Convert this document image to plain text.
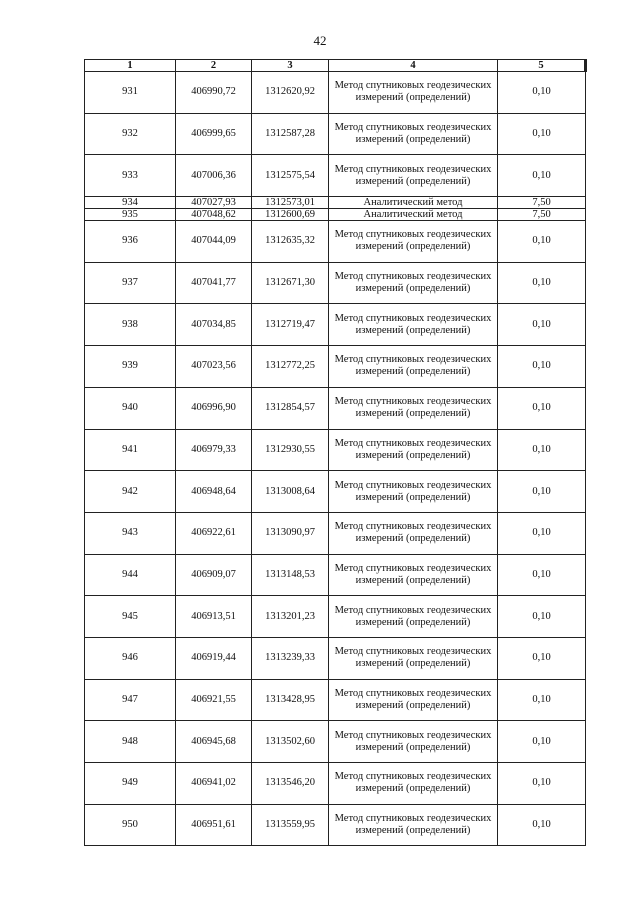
42
1	2	3	4	5
931	406990,72	1312620,92	Метод спутниковых геодезических измерений (определений)	0,10
932	406999,65	1312587,28	Метод спутниковых геодезических измерений (определений)	0,10
933	407006,36	1312575,54	Метод спутниковых геодезических измерений (определений)	0,10
934	407027,93	1312573,01	Аналитический метод	7,50
935	407048,62	1312600,69	Аналитический метод	7,50
936	407044,09	1312635,32	Метод спутниковых геодезических измерений (определений)	0,10
937	407041,77	1312671,30	Метод спутниковых геодезических измерений (определений)	0,10
938	407034,85	1312719,47	Метод спутниковых геодезических измерений (определений)	0,10
939	407023,56	1312772,25	Метод спутниковых геодезических измерений (определений)	0,10
940	406996,90	1312854,57	Метод спутниковых геодезических измерений (определений)	0,10
941	406979,33	1312930,55	Метод спутниковых геодезических измерений (определений)	0,10
942	406948,64	1313008,64	Метод спутниковых геодезических измерений (определений)	0,10
943	406922,61	1313090,97	Метод спутниковых геодезических измерений (определений)	0,10
944	406909,07	1313148,53	Метод спутниковых геодезических измерений (определений)	0,10
945	406913,51	1313201,23	Метод спутниковых геодезических измерений (определений)	0,10
946	406919,44	1313239,33	Метод спутниковых геодезических измерений (определений)	0,10
947	406921,55	1313428,95	Метод спутниковых геодезических измерений (определений)	0,10
948	406945,68	1313502,60	Метод спутниковых геодезических измерений (определений)	0,10
949	406941,02	1313546,20	Метод спутниковых геодезических измерений (определений)	0,10
950	406951,61	1313559,95	Метод спутниковых геодезических измерений (определений)	0,10
